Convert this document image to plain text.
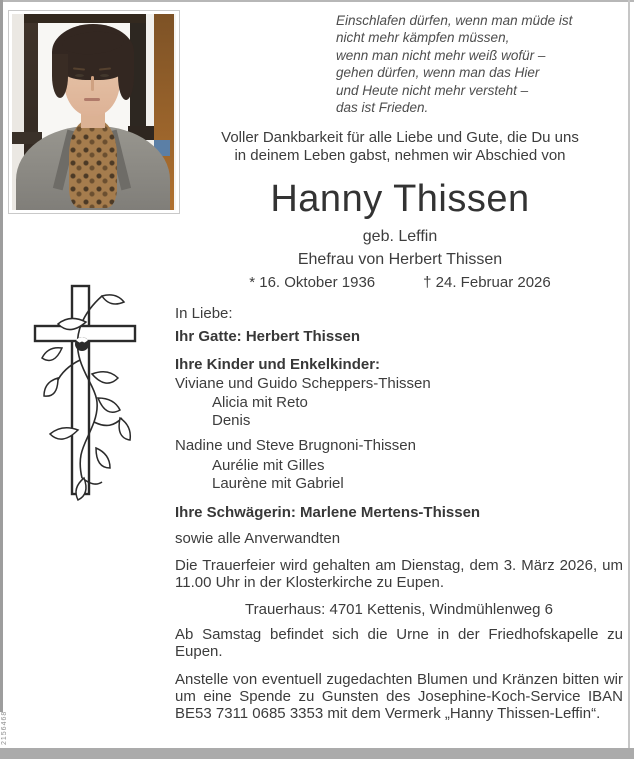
2156468
Einschlafen dürfen, wenn man müde ist
nicht mehr kämpfen müssen,
wenn man nicht mehr weiß wofür –
gehen dürfen, wenn man das Hier
und Heute nicht mehr versteht –
das ist Frieden.
Voller Dankbarkeit für alle Liebe und Gute, die Du uns
in deinem Leben gabst, nehmen wir Abschied von
Hanny Thissen
geb. Leffin
Ehefrau von Herbert Thissen
* 16. Oktober 1936	† 24. Februar 2026
In Liebe:
Ihr Gatte: Herbert Thissen
Ihre Kinder und Enkelkinder:
Viviane und Guido Scheppers-Thissen
Alicia mit Reto
Denis
Nadine und Steve Brugnoni-Thissen
Aurélie mit Gilles
Laurène mit Gabriel
Ihre Schwägerin: Marlene Mertens-Thissen
sowie alle Anverwandten
Die Trauerfeier wird gehalten am Dienstag, dem 3. März 2026, um 11.00 Uhr in der Klosterkirche zu Eupen.
Trauerhaus: 4701 Kettenis, Windmühlenweg 6
Ab Samstag befindet sich die Urne in der Friedhofskapelle zu Eupen.
Anstelle von eventuell zugedachten Blumen und Kränzen bitten wir um eine Spende zu Gunsten des Josephine-Koch-Service IBAN BE53 7311 0685 3353 mit dem Vermerk „Hanny Thissen-Leffin“.
